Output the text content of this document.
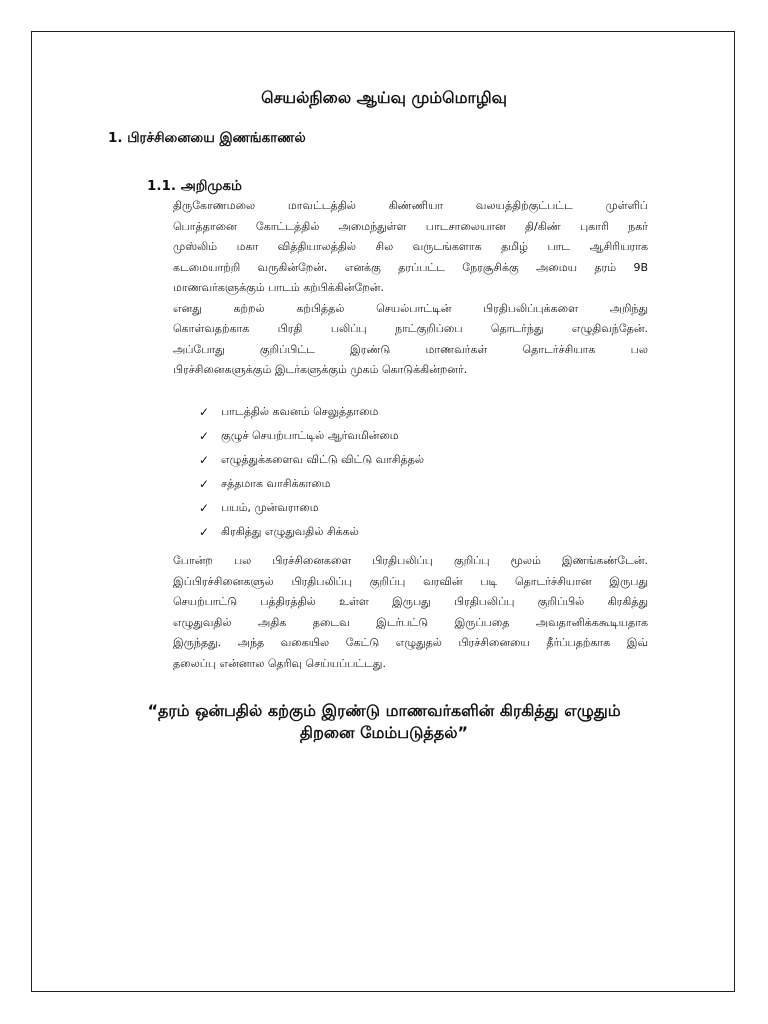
செயல்நிலை ஆய்வு மும்மொழிவு
1. பிரச்சினையை இணங்காணல்
1.1. அறிமுகம்

திருகோணமலை மாவட்டத்தில் கிண்ணியா வலயத்திற்குட்பட்ட முள்ளிப்
பொத்தானை கோட்டத்தில் அமைந்துள்ள பாடசாலையான தி/கிண் புகாரி நகர்
முஸ்லிம் மகா வித்தியாலத்தில் சில வருடங்களாக தமிழ் பாட ஆசிரியராக
கடமையாற்றி வருகின்றேன். எனக்கு தரப்பட்ட நேரசூசிக்கு அமைய தரம் 9B
மாணவர்களுக்கும் பாடம் கற்பிக்கின்றேன்.
எனது கற்றல் கற்பித்தல் செயல்பாட்டின் பிரதிபலிப்புக்களை அறிந்து
கொள்வதற்காக பிரதி பலிப்பு நாட்குறிப்பை தொடர்ந்து எழுதிவந்தேன்.
அப்போது குறிப்பிட்ட இரண்டு மாணவர்கள் தொடர்ச்சியாக பல
பிரச்சினைகளுக்கும் இடர்களுக்கும் முகம் கொடுக்கின்றனர்.

✓	பாடத்தில் கவனம் செலுத்தாமை
✓	குழுச் செயற்பாட்டில் ஆர்வமின்மை
✓	எழுத்துக்களைவ விட்டு விட்டு வாசித்தல்
✓	சத்தமாக வாசிக்காமை
✓	பயம், முன்வராமை
✓	கிரகித்து எழுதுவதில் சிக்கல்

போன்ற பல பிரச்சினைகளை பிரதிபலிப்பு குறிப்பு மூலம் இணங்கண்டேன்.
இப்பிரச்சினைகளுல் பிரதிபலிப்பு குறிப்பு வரவின் படி தொடர்ச்சியான இருபது
செயற்பாட்டு பத்திரத்தில் உள்ள இருபது பிரதிபலிப்பு குறிப்பில் கிரகித்து
எழுதுவதில் அதிக தடைவ இடர்பட்டு இருப்பதை அவதானிக்ககூடியதாக
இருந்தது. அந்த வகையில கேட்டு எழுதுதல் பிரச்சினையை தீர்ப்பதற்காக இவ்
தலைப்பு என்னால தெரிவு செய்யப்பட்டது.

“தரம் ஒன்பதில் கற்கும் இரண்டு மாணவர்களின் கிரகித்து எழுதும்
திறனை மேம்படுத்தல்”
